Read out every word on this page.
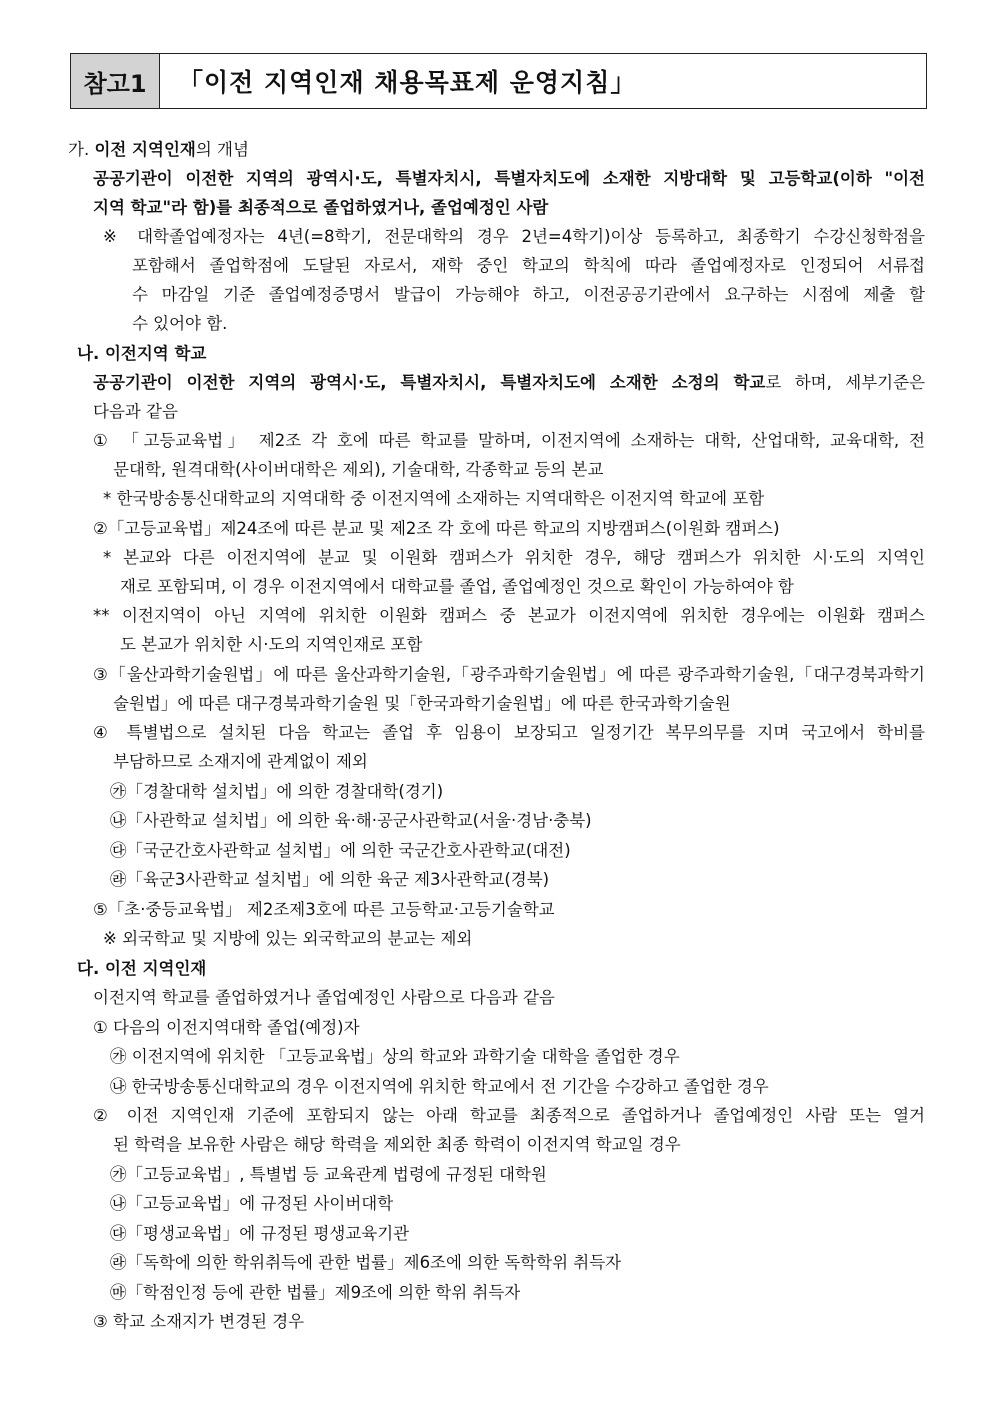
참고1	「이전 지역인재 채용목표제 운영지침」
가. 이전 지역인재의 개념
공공기관이 이전한 지역의 광역시·도, 특별자치시, 특별자치도에 소재한 지방대학 및 고등학교(이하 "이전
지역 학교"라 함)를 최종적으로 졸업하였거나, 졸업예정인 사람
※ 대학졸업예정자는 4년(=8학기, 전문대학의 경우 2년=4학기)이상 등록하고, 최종학기 수강신청학점을
포함해서 졸업학점에 도달된 자로서, 재학 중인 학교의 학칙에 따라 졸업예정자로 인정되어 서류접
수 마감일 기준 졸업예정증명서 발급이 가능해야 하고, 이전공공기관에서 요구하는 시점에 제출 할
수 있어야 함.
나. 이전지역 학교
공공기관이 이전한 지역의 광역시·도, 특별자치시, 특별자치도에 소재한 소정의 학교로 하며, 세부기준은
다음과 같음
① 「고등교육법」 제2조 각 호에 따른 학교를 말하며, 이전지역에 소재하는 대학, 산업대학, 교육대학, 전
문대학, 원격대학(사이버대학은 제외), 기술대학, 각종학교 등의 본교
* 한국방송통신대학교의 지역대학 중 이전지역에 소재하는 지역대학은 이전지역 학교에 포함
②「고등교육법」제24조에 따른 분교 및 제2조 각 호에 따른 학교의 지방캠퍼스(이원화 캠퍼스)
* 본교와 다른 이전지역에 분교 및 이원화 캠퍼스가 위치한 경우, 해당 캠퍼스가 위치한 시·도의 지역인
재로 포함되며, 이 경우 이전지역에서 대학교를 졸업, 졸업예정인 것으로 확인이 가능하여야 함
** 이전지역이 아닌 지역에 위치한 이원화 캠퍼스 중 본교가 이전지역에 위치한 경우에는 이원화 캠퍼스
도 본교가 위치한 시·도의 지역인재로 포함
③「울산과학기술원법」에 따른 울산과학기술원,「광주과학기술원법」에 따른 광주과학기술원,「대구경북과학기
술원법」에 따른 대구경북과학기술원 및「한국과학기술원법」에 따른 한국과학기술원
④ 특별법으로 설치된 다음 학교는 졸업 후 임용이 보장되고 일정기간 복무의무를 지며 국고에서 학비를
부담하므로 소재지에 관계없이 제외
㉮「경찰대학 설치법」에 의한 경찰대학(경기)
㉯「사관학교 설치법」에 의한 육·해·공군사관학교(서울·경남·충북)
㉰「국군간호사관학교 설치법」에 의한 국군간호사관학교(대전)
㉱「육군3사관학교 설치법」에 의한 육군 제3사관학교(경북)
⑤「초·중등교육법」 제2조제3호에 따른 고등학교·고등기술학교
※ 외국학교 및 지방에 있는 외국학교의 분교는 제외
다. 이전 지역인재
이전지역 학교를 졸업하였거나 졸업예정인 사람으로 다음과 같음
① 다음의 이전지역대학 졸업(예정)자
㉮ 이전지역에 위치한 「고등교육법」상의 학교와 과학기술 대학을 졸업한 경우
㉯ 한국방송통신대학교의 경우 이전지역에 위치한 학교에서 전 기간을 수강하고 졸업한 경우
② 이전 지역인재 기준에 포함되지 않는 아래 학교를 최종적으로 졸업하거나 졸업예정인 사람 또는 열거
된 학력을 보유한 사람은 해당 학력을 제외한 최종 학력이 이전지역 학교일 경우
㉮「고등교육법」, 특별법 등 교육관계 법령에 규정된 대학원
㉯「고등교육법」에 규정된 사이버대학
㉰「평생교육법」에 규정된 평생교육기관
㉱「독학에 의한 학위취득에 관한 법률」제6조에 의한 독학학위 취득자
㉲「학점인정 등에 관한 법률」제9조에 의한 학위 취득자
③ 학교 소재지가 변경된 경우
